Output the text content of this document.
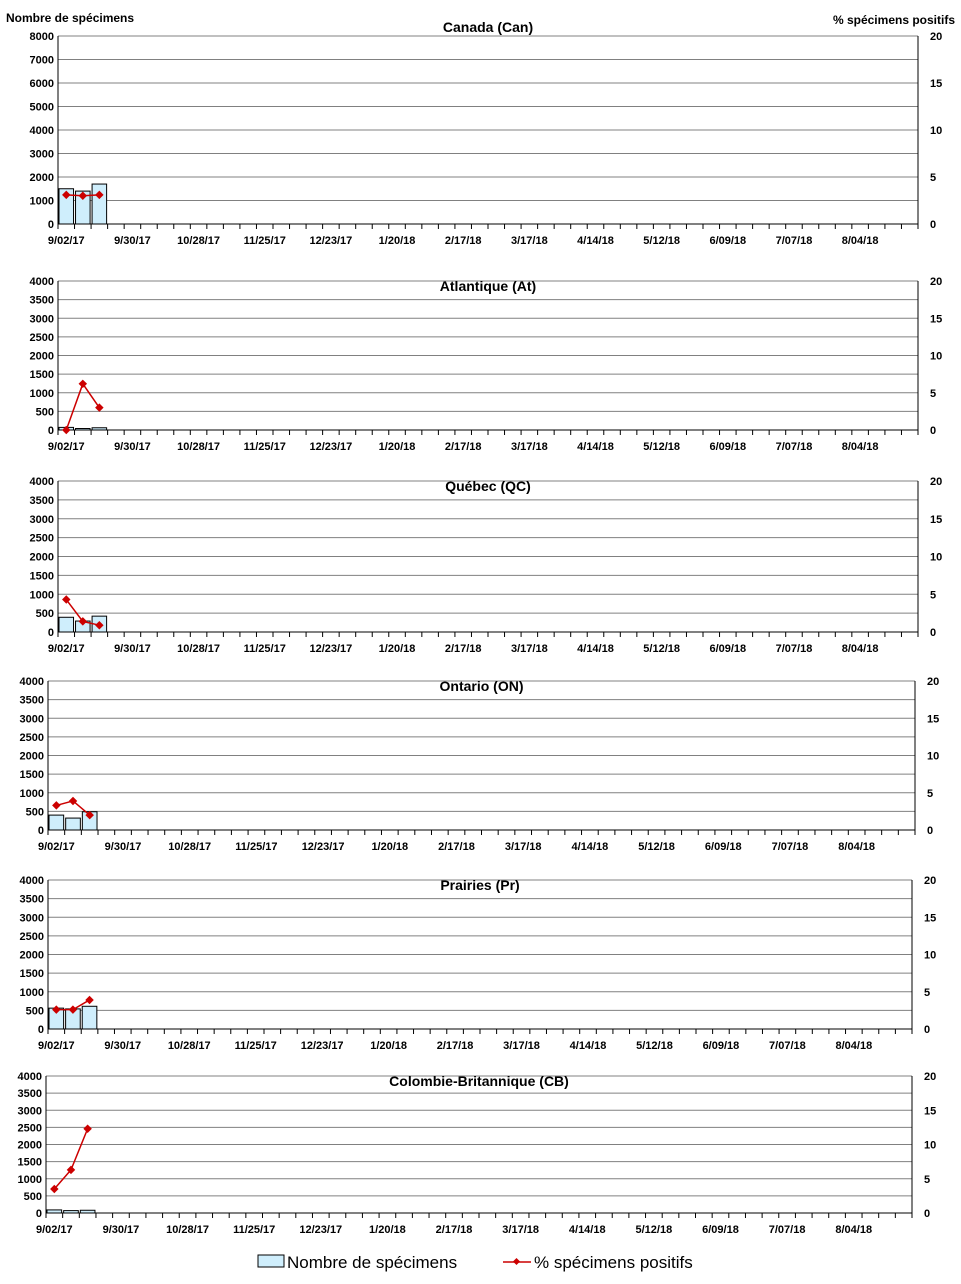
Nombre de spécimens	% spécimens positifs
0
1000
2000
3000
4000
5000
6000
7000
8000
0
5
10
15
20
9/02/17	9/30/17 10/28/17 11/25/17 12/23/17 1/20/18	2/17/18	3/17/18	4/14/18	5/12/18	6/09/18	7/07/18	8/04/18
Canada (Can)
0
500
1000
1500
2000
2500
3000
3500
4000
0
5
10
15
20
9/02/17	9/30/17 10/28/17 11/25/17 12/23/17 1/20/18	2/17/18	3/17/18	4/14/18	5/12/18	6/09/18	7/07/18	8/04/18
Atlantique (At)
0
500
1000
1500
2000
2500
3000
3500
4000
0
5
10
15
20
9/02/17	9/30/17 10/28/17 11/25/17 12/23/17 1/20/18	2/17/18	3/17/18	4/14/18	5/12/18	6/09/18	7/07/18	8/04/18
Québec (QC)
0
500
1000
1500
2000
2500
3000
3500
4000
0
5
10
15
20
9/02/17	9/30/17 10/28/17 11/25/17 12/23/17 1/20/18	2/17/18	3/17/18	4/14/18	5/12/18	6/09/18	7/07/18	8/04/18
Ontario (ON)
0
500
1000
1500
2000
2500
3000
3500
4000
0
5
10
15
20
9/02/17	9/30/17 10/28/17 11/25/17 12/23/17 1/20/18	2/17/18	3/17/18	4/14/18	5/12/18	6/09/18	7/07/18	8/04/18
Prairies (Pr)
0
500
1000
1500
2000
2500
3000
3500
4000
0
5
10
15
20
9/02/17	9/30/17 10/28/17 11/25/17 12/23/17 1/20/18	2/17/18	3/17/18	4/14/18	5/12/18	6/09/18	7/07/18	8/04/18
Colombie-Britannique (CB)
Nombre de spécimens	% spécimens positifs
